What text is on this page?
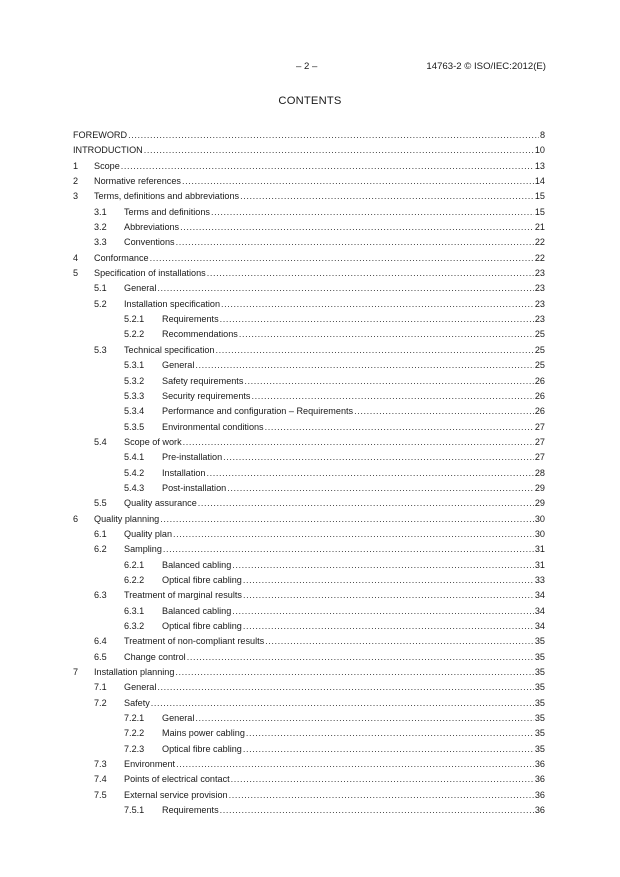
– 2 –	14763-2 © ISO/IEC:2012(E)
CONTENTS
FOREWORD .....	8
INTRODUCTION .....	10
1 Scope .....	13
2 Normative references .....	14
3 Terms, definitions and abbreviations .....	15
3.1 Terms and definitions .....	15
3.2 Abbreviations .....	21
3.3 Conventions .....	22
4 Conformance .....	22
5 Specification of installations .....	23
5.1 General .....	23
5.2 Installation specification .....	23
5.2.1 Requirements .....	23
5.2.2 Recommendations .....	25
5.3 Technical specification .....	25
5.3.1 General .....	25
5.3.2 Safety requirements .....	26
5.3.3 Security requirements .....	26
5.3.4 Performance and configuration – Requirements .....	26
5.3.5 Environmental conditions .....	27
5.4 Scope of work .....	27
5.4.1 Pre-installation .....	27
5.4.2 Installation .....	28
5.4.3 Post-installation .....	29
5.5 Quality assurance .....	29
6 Quality planning .....	30
6.1 Quality plan .....	30
6.2 Sampling .....	31
6.2.1 Balanced cabling .....	31
6.2.2 Optical fibre cabling .....	33
6.3 Treatment of marginal results .....	34
6.3.1 Balanced cabling .....	34
6.3.2 Optical fibre cabling .....	34
6.4 Treatment of non-compliant results .....	35
6.5 Change control .....	35
7 Installation planning .....	35
7.1 General .....	35
7.2 Safety .....	35
7.2.1 General .....	35
7.2.2 Mains power cabling .....	35
7.2.3 Optical fibre cabling .....	35
7.3 Environment .....	36
7.4 Points of electrical contact .....	36
7.5 External service provision .....	36
7.5.1 Requirements .....	36
